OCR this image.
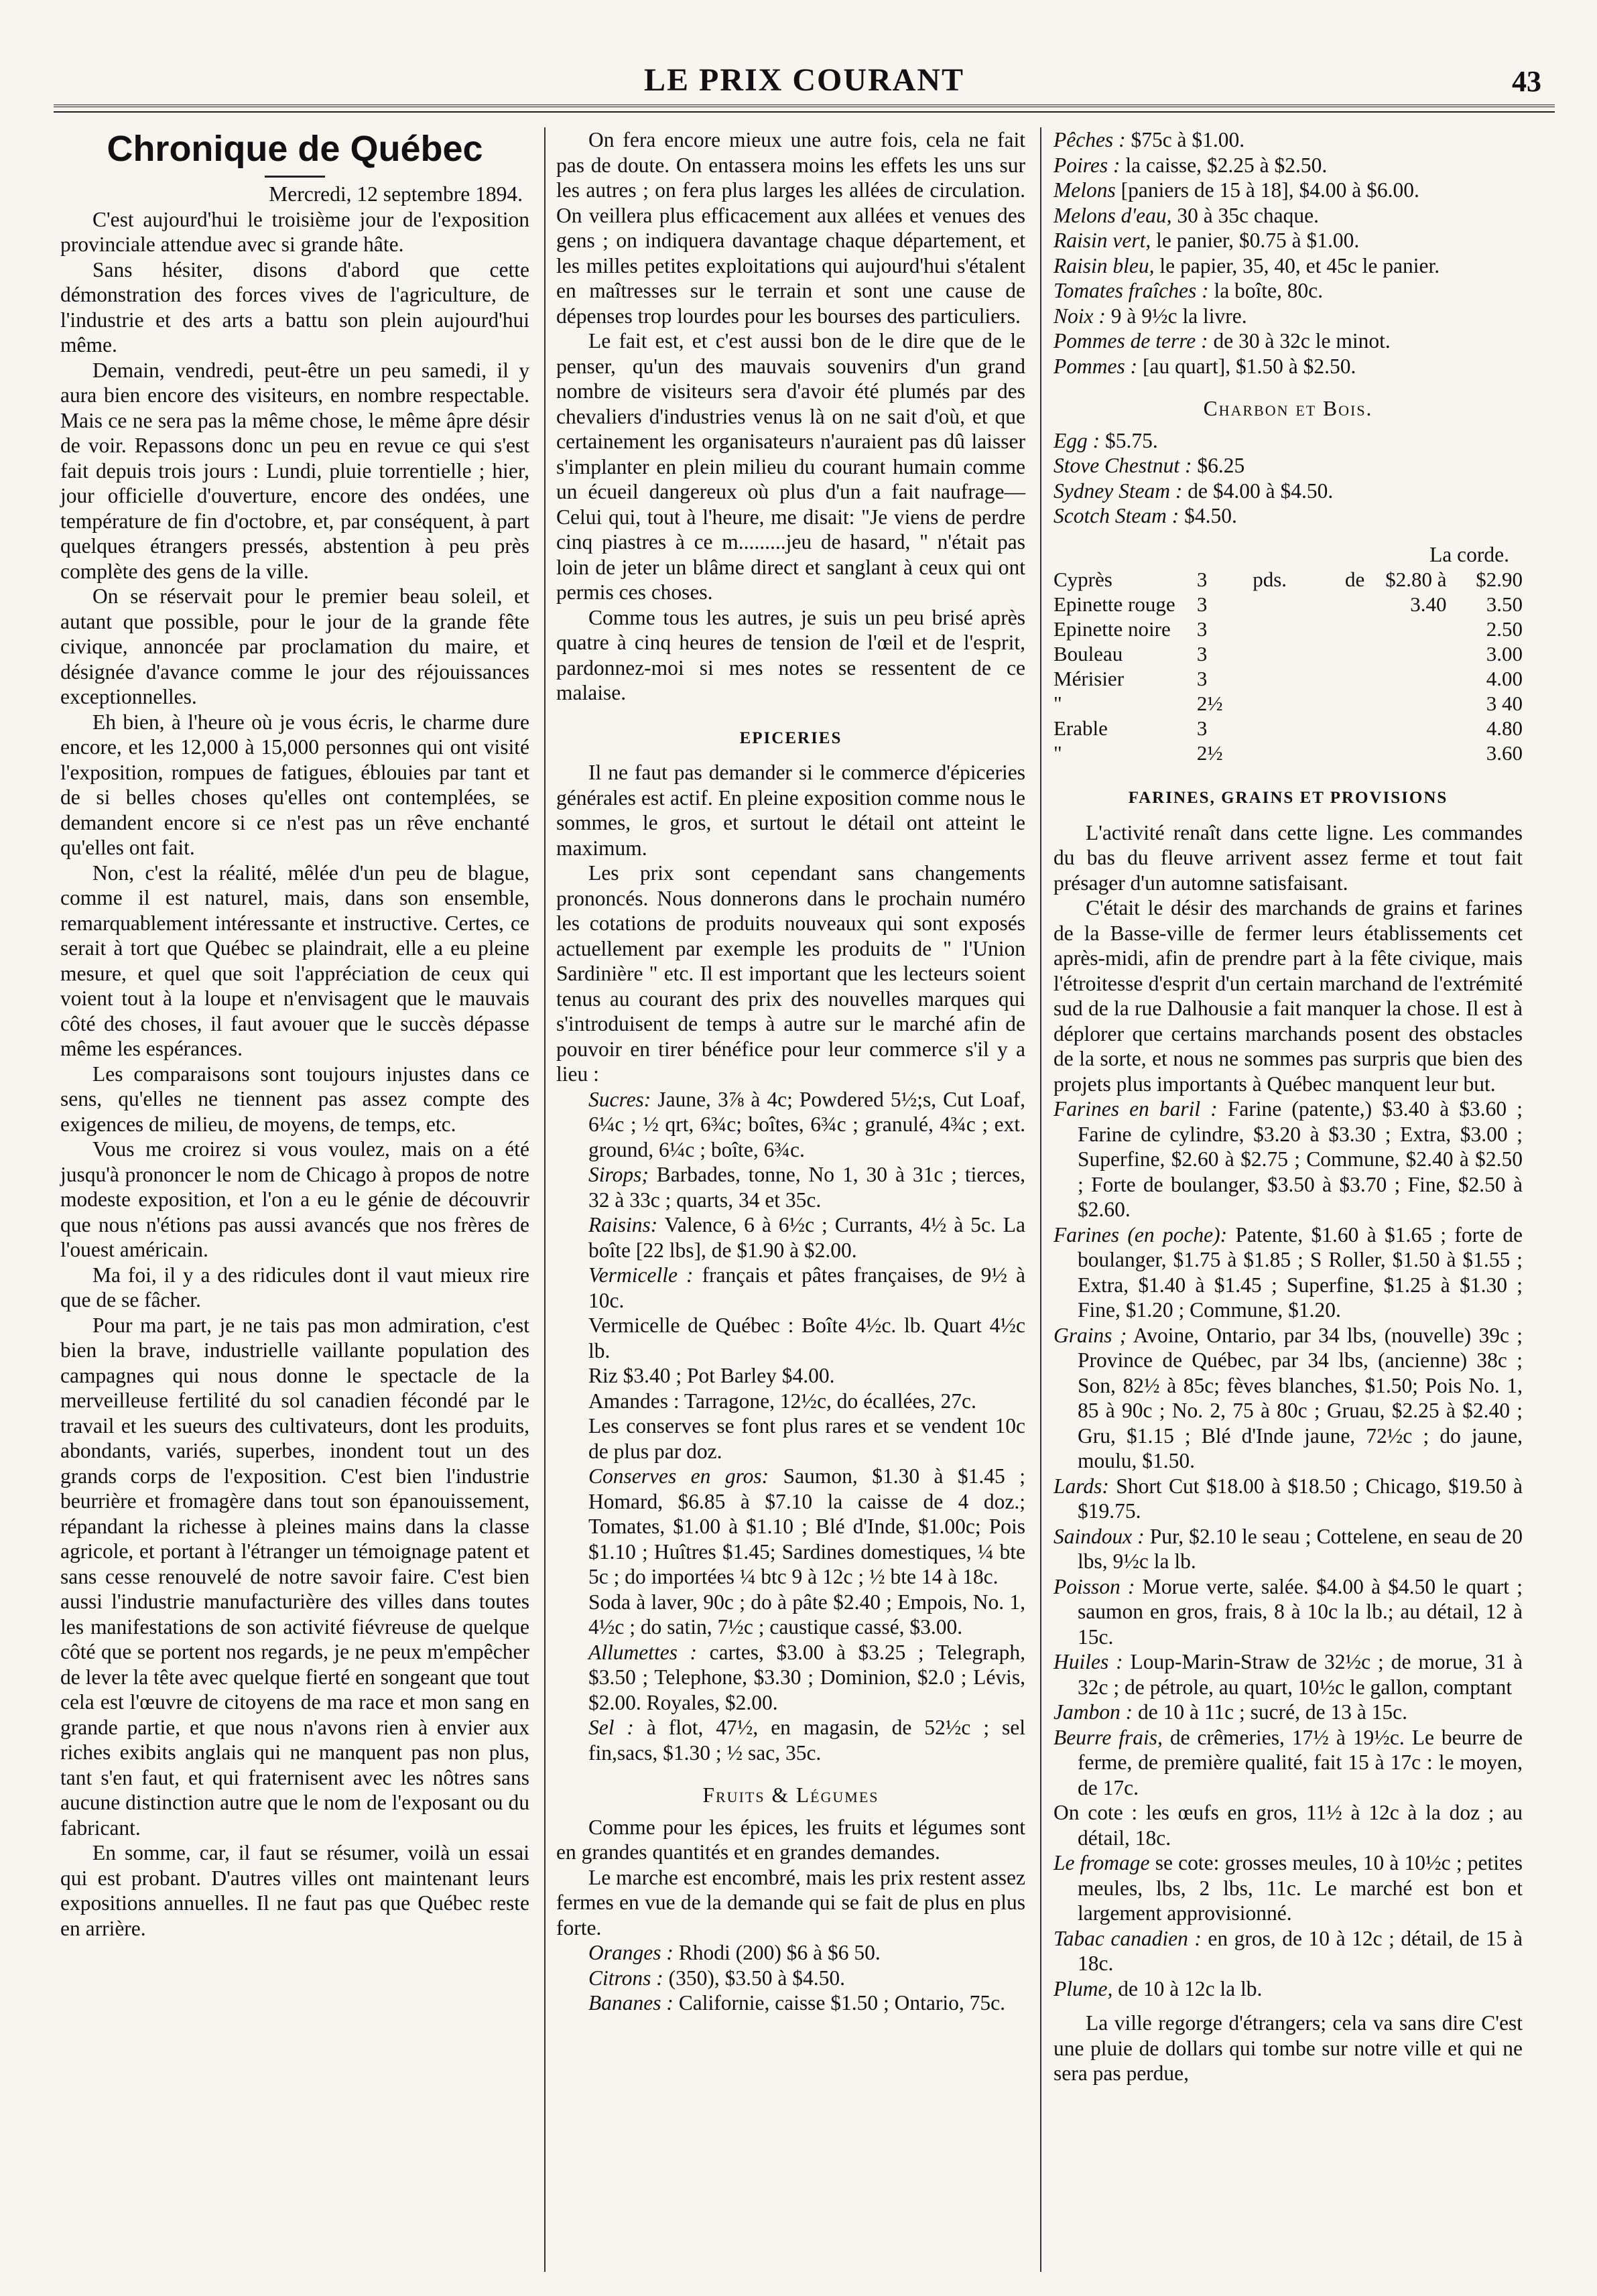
LE PRIX COURANT	43
Chronique de Québec

Mercredi, 12 septembre 1894.

C'est aujourd'hui le troisième jour de l'exposition provinciale attendue avec si grande hâte.

Sans hésiter, disons d'abord que cette démonstration des forces vives de l'agriculture, de l'industrie et des arts a battu son plein aujourd'hui même.

Demain, vendredi, peut-être un peu samedi, il y aura bien encore des visiteurs, en nombre respectable. Mais ce ne sera pas la même chose, le même âpre désir de voir. Repassons donc un peu en revue ce qui s'est fait depuis trois jours : Lundi, pluie torrentielle ; hier, jour officielle d'ouverture, encore des ondées, une température de fin d'octobre, et, par conséquent, à part quelques étrangers pressés, abstention à peu près complète des gens de la ville.

On se réservait pour le premier beau soleil, et autant que possible, pour le jour de la grande fête civique, annoncée par proclamation du maire, et désignée d'avance comme le jour des réjouissances exceptionnelles.

Eh bien, à l'heure où je vous écris, le charme dure encore, et les 12,000 à 15,000 personnes qui ont visité l'exposition, rompues de fatigues, éblouies par tant et de si belles choses qu'elles ont contemplées, se demandent encore si ce n'est pas un rêve enchanté qu'elles ont fait.

Non, c'est la réalité, mêlée d'un peu de blague, comme il est naturel, mais, dans son ensemble, remarquablement intéressante et instructive. Certes, ce serait à tort que Québec se plaindrait, elle a eu pleine mesure, et quel que soit l'appréciation de ceux qui voient tout à la loupe et n'envisagent que le mauvais côté des choses, il faut avouer que le succès dépasse même les espérances.

Les comparaisons sont toujours injustes dans ce sens, qu'elles ne tiennent pas assez compte des exigences de milieu, de moyens, de temps, etc.

Vous me croirez si vous voulez, mais on a été jusqu'à prononcer le nom de Chicago à propos de notre modeste exposition, et l'on a eu le génie de découvrir que nous n'étions pas aussi avancés que nos frères de l'ouest américain.

Ma foi, il y a des ridicules dont il vaut mieux rire que de se fâcher.

Pour ma part, je ne tais pas mon admiration, c'est bien la brave, industrielle vaillante population des campagnes qui nous donne le spectacle de la merveilleuse fertilité du sol canadien fécondé par le travail et les sueurs des cultivateurs, dont les produits, abondants, variés, superbes, inondent tout un des grands corps de l'exposition. C'est bien l'industrie beurrière et fromagère dans tout son épanouissement, répandant la richesse à pleines mains dans la classe agricole, et portant à l'étranger un témoignage patent et sans cesse renouvelé de notre savoir faire. C'est bien aussi l'industrie manufacturière des villes dans toutes les manifestations de son activité fiévreuse de quelque côté que se portent nos regards, je ne peux m'empêcher de lever la tête avec quelque fierté en songeant que tout cela est l'œuvre de citoyens de ma race et mon sang en grande partie, et que nous n'avons rien à envier aux riches exibits anglais qui ne manquent pas non plus, tant s'en faut, et qui fraternisent avec les nôtres sans aucune distinction autre que le nom de l'exposant ou du fabricant.

En somme, car, il faut se résumer, voilà un essai qui est probant. D'autres villes ont maintenant leurs expositions annuelles. Il ne faut pas que Québec reste en arrière.

On fera encore mieux une autre fois, cela ne fait pas de doute. On entassera moins les effets les uns sur les autres ; on fera plus larges les allées de circulation. On veillera plus efficacement aux allées et venues des gens ; on indiquera davantage chaque département, et les milles petites exploitations qui aujourd'hui s'étalent en maîtresses sur le terrain et sont une cause de dépenses trop lourdes pour les bourses des particuliers.

Le fait est, et c'est aussi bon de le dire que de le penser, qu'un des mauvais souvenirs d'un grand nombre de visiteurs sera d'avoir été plumés par des chevaliers d'industries venus là on ne sait d'où, et que certainement les organisateurs n'auraient pas dû laisser s'implanter en plein milieu du courant humain comme un écueil dangereux où plus d'un a fait naufrage—Celui qui, tout à l'heure, me disait: "Je viens de perdre cinq piastres à ce m.........jeu de hasard, " n'était pas loin de jeter un blâme direct et sanglant à ceux qui ont permis ces choses.

Comme tous les autres, je suis un peu brisé après quatre à cinq heures de tension de l'œil et de l'esprit, pardonnez-moi si mes notes se ressentent de ce malaise.

EPICERIES

Il ne faut pas demander si le commerce d'épiceries générales est actif. En pleine exposition comme nous le sommes, le gros, et surtout le détail ont atteint le maximum.

Les prix sont cependant sans changements prononcés. Nous donnerons dans le prochain numéro les cotations de produits nouveaux qui sont exposés actuellement par exemple les produits de " l'Union Sardinière " etc. Il est important que les lecteurs soient tenus au courant des prix des nouvelles marques qui s'introduisent de temps à autre sur le marché afin de pouvoir en tirer bénéfice pour leur commerce s'il y a lieu :

Sucres: Jaune, 3⅞ à 4c; Powdered 5½;s, Cut Loaf, 6¼c ; ½ qrt, 6¾c; boîtes, 6¾c ; granulé, 4¾c ; ext. ground, 6¼c ; boîte, 6¾c.

Sirops; Barbades, tonne, No 1, 30 à 31c ; tierces, 32 à 33c ; quarts, 34 et 35c.

Raisins: Valence, 6 à 6½c ; Currants, 4½ à 5c. La boîte [22 lbs], de $1.90 à $2.00.

Vermicelle : français et pâtes françaises, de 9½ à 10c.

Vermicelle de Québec : Boîte 4½c. lb. Quart 4½c lb.

Riz $3.40 ; Pot Barley $4.00.

Amandes : Tarragone, 12½c, do écallées, 27c.

Les conserves se font plus rares et se vendent 10c de plus par doz.

Conserves en gros: Saumon, $1.30 à $1.45 ; Homard, $6.85 à $7.10 la caisse de 4 doz.; Tomates, $1.00 à $1.10 ; Blé d'Inde, $1.00c; Pois $1.10 ; Huîtres $1.45; Sardines domestiques, ¼ bte 5c ; do importées ¼ btc 9 à 12c ; ½ bte 14 à 18c.

Soda à laver, 90c ; do à pâte $2.40 ; Empois, No. 1, 4½c ; do satin, 7½c ; caustique cassé, $3.00.

Allumettes : cartes, $3.00 à $3.25 ; Telegraph, $3.50 ; Telephone, $3.30 ; Dominion, $2.0 ; Lévis, $2.00. Royales, $2.00.

Sel : à flot, 47½, en magasin, de 52½c ; sel fin,sacs, $1.30 ; ½ sac, 35c.

Fruits & Légumes

Comme pour les épices, les fruits et légumes sont en grandes quantités et en grandes demandes.

Le marche est encombré, mais les prix restent assez fermes en vue de la demande qui se fait de plus en plus forte.

Oranges : Rhodi (200) $6 à $6 50.

Citrons : (350), $3.50 à $4.50.

Bananes : Californie, caisse $1.50 ; Ontario, 75c.

Pêches : $75c à $1.00.

Poires : la caisse, $2.25 à $2.50.

Melons [paniers de 15 à 18], $4.00 à $6.00.

Melons d'eau, 30 à 35c chaque.

Raisin vert, le panier, $0.75 à $1.00.

Raisin bleu, le papier, 35, 40, et 45c le panier.

Tomates fraîches : la boîte, 80c.

Noix : 9 à 9½c la livre.

Pommes de terre : de 30 à 32c le minot.

Pommes : [au quart], $1.50 à $2.50.

Charbon et Bois.

Egg : $5.75.

Stove Chestnut : $6.25

Sydney Steam : de $4.00 à $4.50.

Scotch Steam : $4.50.

La corde.
Cyprès	3	pds.	de	$2.80 à	$2.90
Epinette rouge	3			3.40	3.50
Epinette noire	3				2.50
Bouleau	3				3.00
Mérisier	3				4.00
"	2½				3 40
Erable	3				4.80
"	2½				3.60
FARINES, GRAINS ET PROVISIONS

L'activité renaît dans cette ligne. Les commandes du bas du fleuve arrivent assez ferme et tout fait présager d'un automne satisfaisant.

C'était le désir des marchands de grains et farines de la Basse-ville de fermer leurs établissements cet après-midi, afin de prendre part à la fête civique, mais l'étroitesse d'esprit d'un certain marchand de l'extrémité sud de la rue Dalhousie a fait manquer la chose. Il est à déplorer que certains marchands posent des obstacles de la sorte, et nous ne sommes pas surpris que bien des projets plus importants à Québec manquent leur but.

Farines en baril : Farine (patente,) $3.40 à $3.60 ; Farine de cylindre, $3.20 à $3.30 ; Extra, $3.00 ; Superfine, $2.60 à $2.75 ; Commune, $2.40 à $2.50 ; Forte de boulanger, $3.50 à $3.70 ; Fine, $2.50 à $2.60.

Farines (en poche): Patente, $1.60 à $1.65 ; forte de boulanger, $1.75 à $1.85 ; S Roller, $1.50 à $1.55 ; Extra, $1.40 à $1.45 ; Superfine, $1.25 à $1.30 ; Fine, $1.20 ; Commune, $1.20.

Grains ; Avoine, Ontario, par 34 lbs, (nouvelle) 39c ; Province de Québec, par 34 lbs, (ancienne) 38c ; Son, 82½ à 85c; fèves blanches, $1.50; Pois No. 1, 85 à 90c ; No. 2, 75 à 80c ; Gruau, $2.25 à $2.40 ; Gru, $1.15 ; Blé d'Inde jaune, 72½c ; do jaune, moulu, $1.50.

Lards: Short Cut $18.00 à $18.50 ; Chicago, $19.50 à $19.75.

Saindoux : Pur, $2.10 le seau ; Cottelene, en seau de 20 lbs, 9½c la lb.

Poisson : Morue verte, salée. $4.00 à $4.50 le quart ; saumon en gros, frais, 8 à 10c la lb.; au détail, 12 à 15c.

Huiles : Loup-Marin-Straw de 32½c ; de morue, 31 à 32c ; de pétrole, au quart, 10½c le gallon, comptant

Jambon : de 10 à 11c ; sucré, de 13 à 15c.

Beurre frais, de crêmeries, 17½ à 19½c. Le beurre de ferme, de première qualité, fait 15 à 17c : le moyen, de 17c.

On cote : les œufs en gros, 11½ à 12c à la doz ; au détail, 18c.

Le fromage se cote: grosses meules, 10 à 10½c ; petites meules, lbs, 2 lbs, 11c. Le marché est bon et largement approvisionné.

Tabac canadien : en gros, de 10 à 12c ; détail, de 15 à 18c.

Plume, de 10 à 12c la lb.

La ville regorge d'étrangers; cela va sans dire C'est une pluie de dollars qui tombe sur notre ville et qui ne sera pas perdue,
